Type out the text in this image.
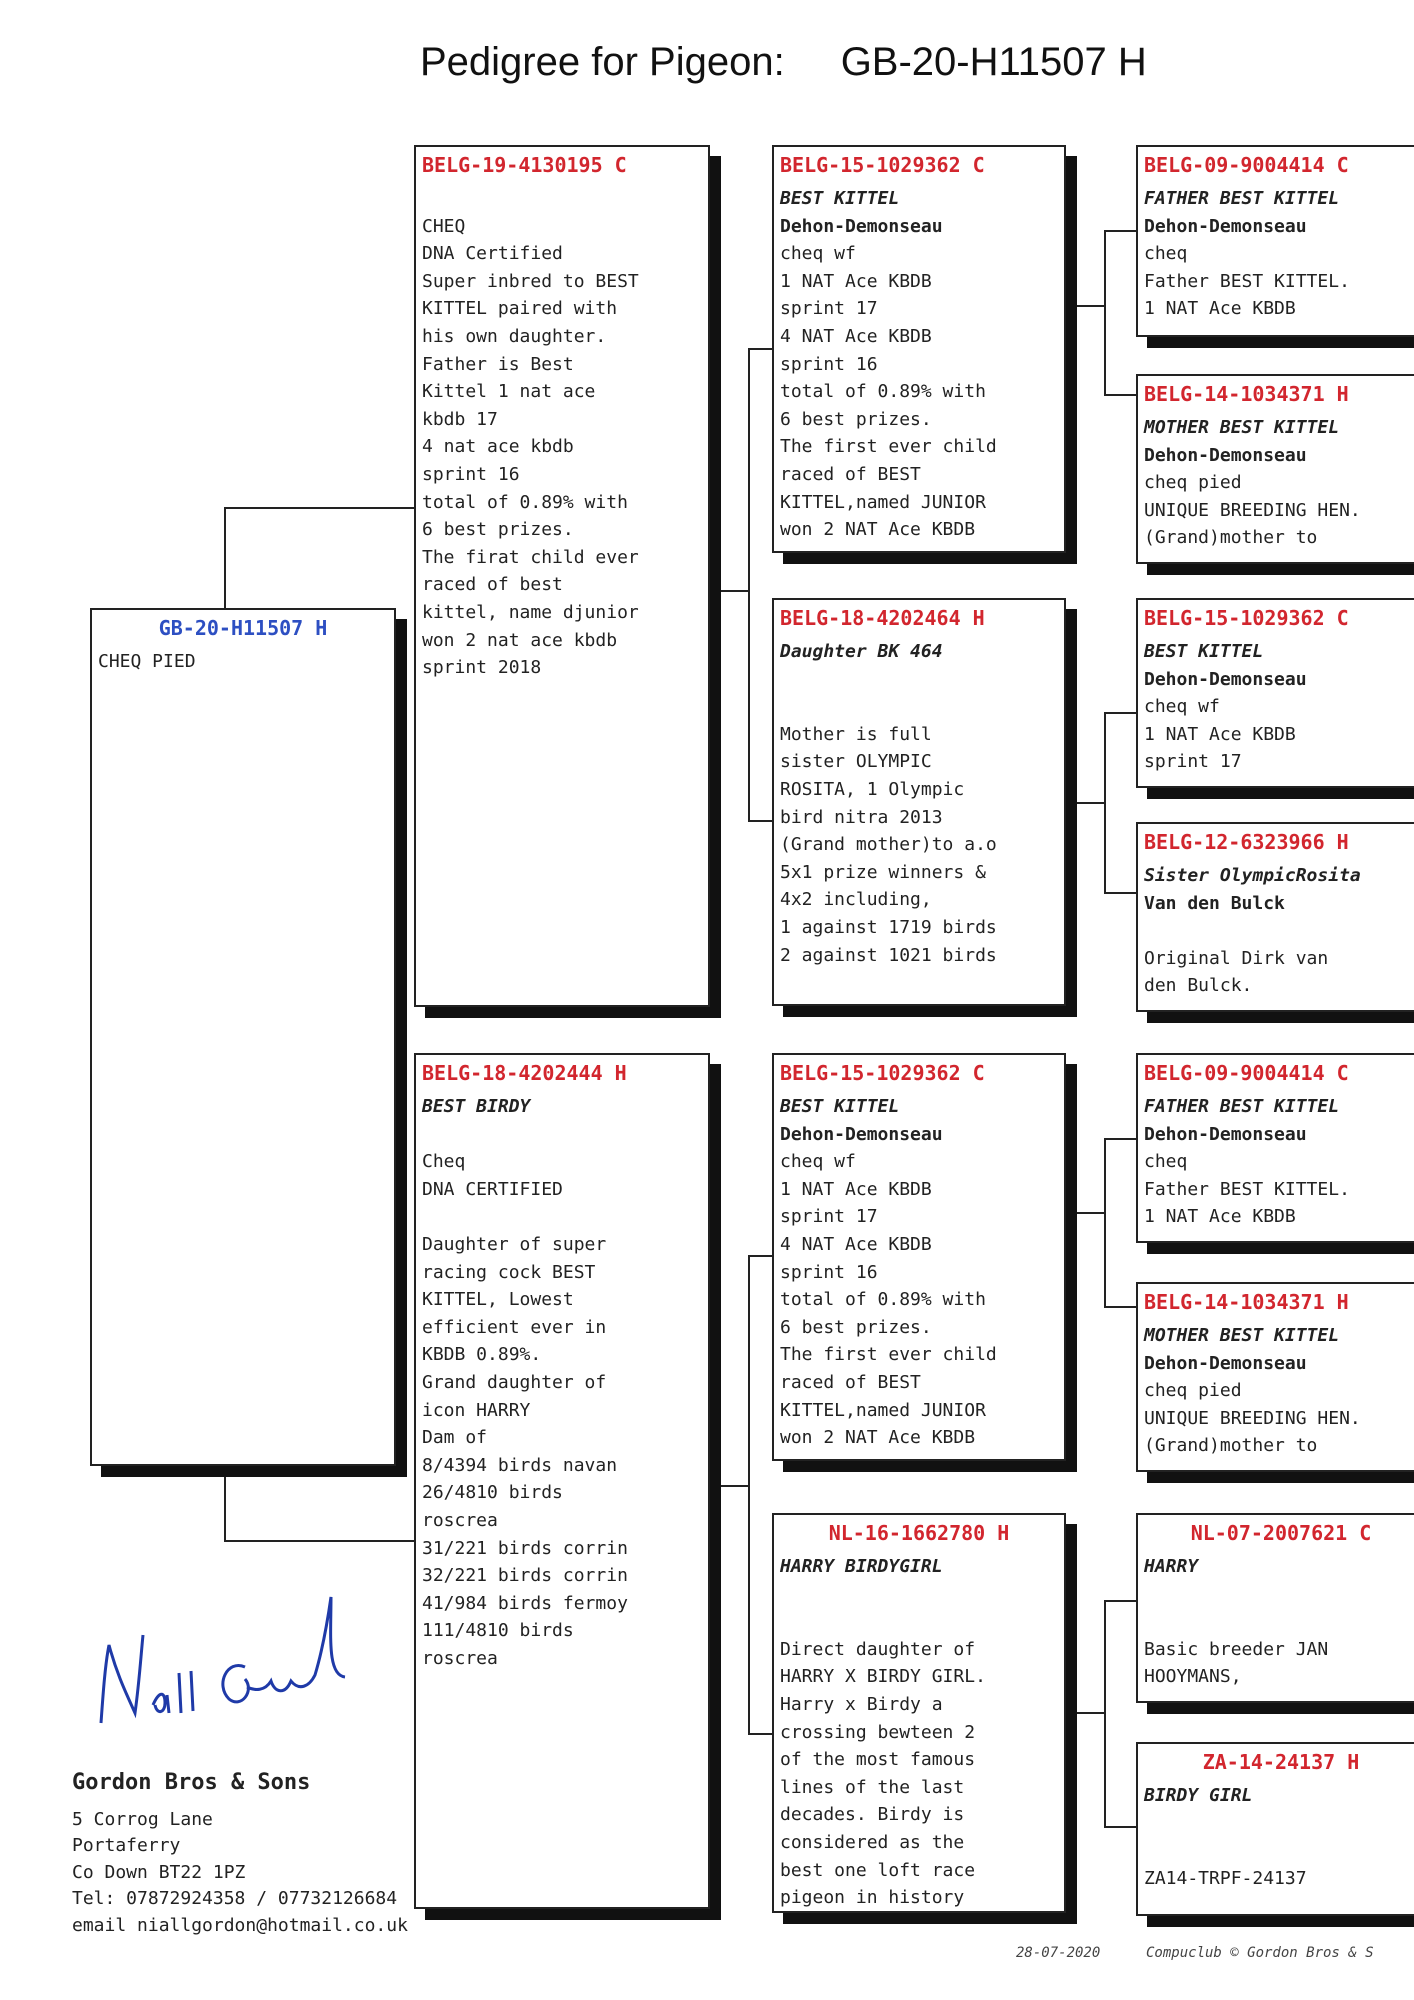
Pedigree for Pigeon: GB-20-H11507 H
GB-20-H11507 H
CHEQ PIED
BELG-19-4130195 C

CHEQ
DNA Certified
Super inbred to BEST
KITTEL paired with
his own daughter.
Father is Best
Kittel 1 nat ace
kbdb 17
4 nat ace kbdb
sprint 16
total of 0.89% with
6 best prizes.
The firat child ever
raced of best
kittel, name djunior
won 2 nat ace kbdb
sprint 2018
BELG-18-4202444 H
BEST BIRDY

Cheq
DNA CERTIFIED

Daughter of super
racing cock BEST
KITTEL, Lowest
efficient ever in
KBDB 0.89%.
Grand daughter of
icon HARRY
Dam of
8/4394 birds navan
26/4810 birds
roscrea
31/221 birds corrin
32/221 birds corrin
41/984 birds fermoy
111/4810 birds
roscrea
BELG-15-1029362 C
BEST KITTEL
Dehon-Demonseau
cheq wf
1 NAT Ace KBDB
sprint 17
4 NAT Ace KBDB
sprint 16
total of 0.89% with
6 best prizes.
The first ever child
raced of BEST
KITTEL,named JUNIOR
won 2 NAT Ace KBDB
BELG-18-4202464 H
Daughter BK 464

Mother is full
sister OLYMPIC
ROSITA, 1 Olympic
bird nitra 2013
(Grand mother)to a.o
5x1 prize winners &
4x2 including,
1 against 1719 birds
2 against 1021 birds
BELG-15-1029362 C
BEST KITTEL
Dehon-Demonseau
cheq wf
1 NAT Ace KBDB
sprint 17
4 NAT Ace KBDB
sprint 16
total of 0.89% with
6 best prizes.
The first ever child
raced of BEST
KITTEL,named JUNIOR
won 2 NAT Ace KBDB
NL-16-1662780 H
HARRY BIRDYGIRL

Direct daughter of
HARRY X BIRDY GIRL.
Harry x Birdy a
crossing bewteen 2
of the most famous
lines of the last
decades. Birdy is
considered as the
best one loft race
pigeon in history
BELG-09-9004414 C
FATHER BEST KITTEL
Dehon-Demonseau
cheq
Father BEST KITTEL.
1 NAT Ace KBDB
BELG-14-1034371 H
MOTHER BEST KITTEL
Dehon-Demonseau
cheq pied
UNIQUE BREEDING HEN.
(Grand)mother to
BELG-15-1029362 C
BEST KITTEL
Dehon-Demonseau
cheq wf
1 NAT Ace KBDB
sprint 17
BELG-12-6323966 H
Sister OlympicRosita
Van den Bulck

Original Dirk van
den Bulck.
BELG-09-9004414 C
FATHER BEST KITTEL
Dehon-Demonseau
cheq
Father BEST KITTEL.
1 NAT Ace KBDB
BELG-14-1034371 H
MOTHER BEST KITTEL
Dehon-Demonseau
cheq pied
UNIQUE BREEDING HEN.
(Grand)mother to
NL-07-2007621 C
HARRY

Basic breeder JAN
HOOYMANS,
ZA-14-24137 H
BIRDY GIRL

ZA14-TRPF-24137
Gordon Bros & Sons
5 Corrog Lane
Portaferry
Co Down BT22 1PZ
Tel: 07872924358 / 07732126684
email niallgordon@hotmail.co.uk
28-07-2020	Compuclub © Gordon Bros & S
